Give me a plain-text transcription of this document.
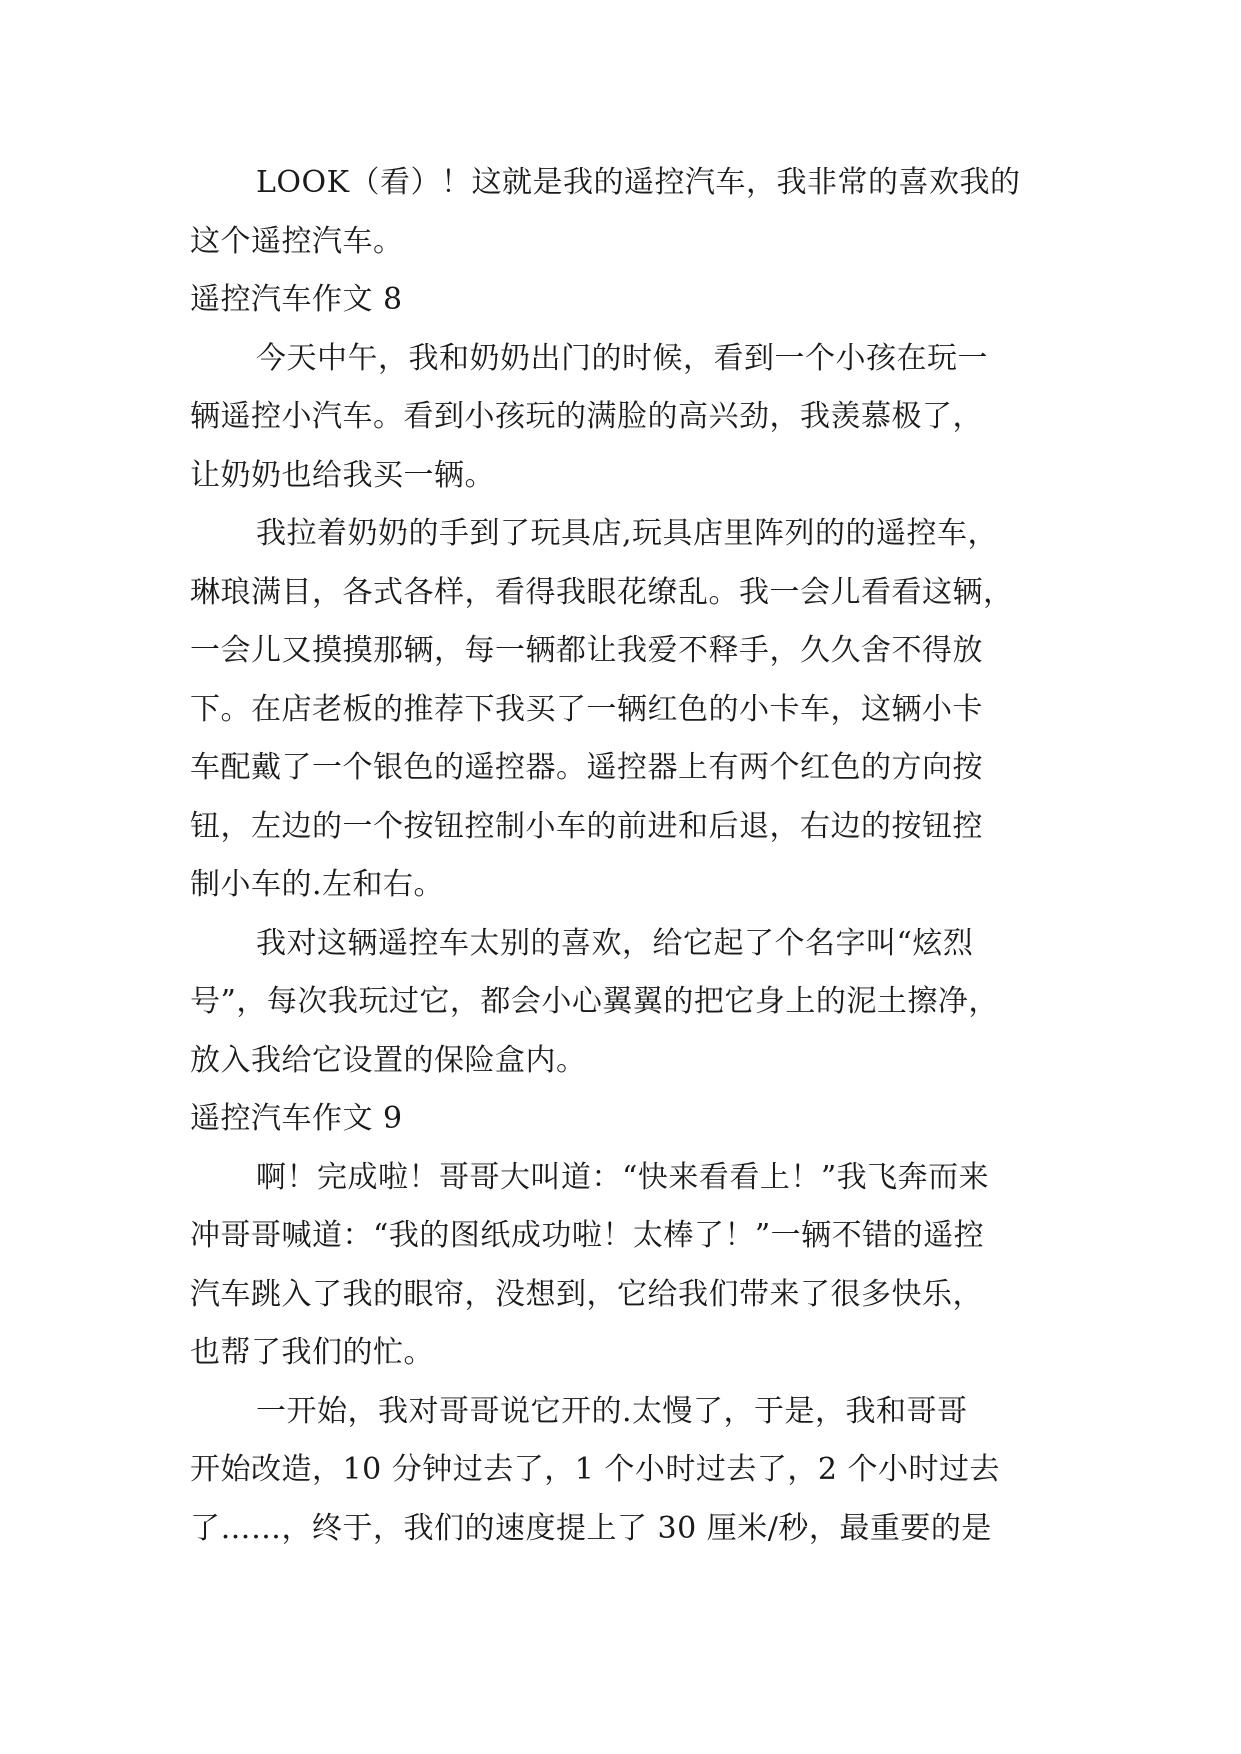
LOOK（看）！这就是我的遥控汽车，我非常的喜欢我的
这个遥控汽车。
遥控汽车作文 8
今天中午，我和奶奶出门的时候，看到一个小孩在玩一
辆遥控小汽车。看到小孩玩的满脸的高兴劲，我羡慕极了，
让奶奶也给我买一辆。
我拉着奶奶的手到了玩具店,玩具店里阵列的的遥控车，
琳琅满目，各式各样，看得我眼花缭乱。我一会儿看看这辆，
一会儿又摸摸那辆，每一辆都让我爱不释手，久久舍不得放
下。在店老板的推荐下我买了一辆红色的小卡车，这辆小卡
车配戴了一个银色的遥控器。遥控器上有两个红色的方向按
钮，左边的一个按钮控制小车的前进和后退，右边的按钮控
制小车的.左和右。
我对这辆遥控车太别的喜欢，给它起了个名字叫“炫烈
号”，每次我玩过它，都会小心翼翼的把它身上的泥土擦净，
放入我给它设置的保险盒内。
遥控汽车作文 9
啊！完成啦！哥哥大叫道：“快来看看上！”我飞奔而来
冲哥哥喊道：“我的图纸成功啦！太棒了！”一辆不错的遥控
汽车跳入了我的眼帘，没想到，它给我们带来了很多快乐，
也帮了我们的忙。
一开始，我对哥哥说它开的.太慢了，于是，我和哥哥
开始改造，10 分钟过去了，1 个小时过去了，2 个小时过去
了……，终于，我们的速度提上了 30 厘米/秒，最重要的是
